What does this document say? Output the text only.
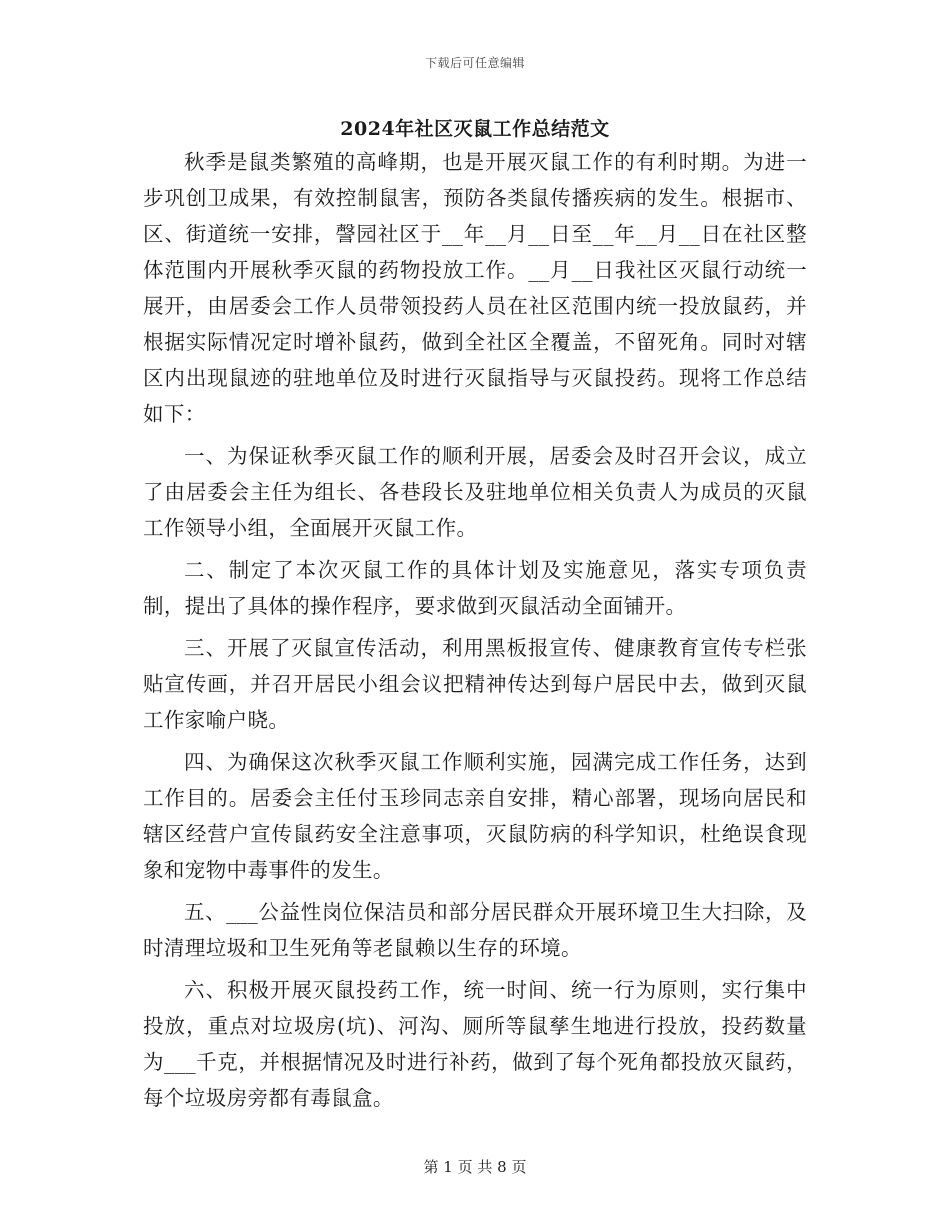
下载后可任意编辑
2024年社区灭鼠工作总结范文

秋季是鼠类繁殖的高峰期，也是开展灭鼠工作的有利时期。为进一步巩创卫成果，有效控制鼠害，预防各类鼠传播疾病的发生。根据市、区、街道统一安排，謦园社区于__年__月__日至__年__月__日在社区整体范围内开展秋季灭鼠的药物投放工作。__月__日我社区灭鼠行动统一展开，由居委会工作人员带领投药人员在社区范围内统一投放鼠药，并根据实际情况定时增补鼠药，做到全社区全覆盖，不留死角。同时对辖区内出现鼠迹的驻地单位及时进行灭鼠指导与灭鼠投药。现将工作总结如下：

一、为保证秋季灭鼠工作的顺利开展，居委会及时召开会议，成立了由居委会主任为组长、各巷段长及驻地单位相关负责人为成员的灭鼠工作领导小组，全面展开灭鼠工作。

二、制定了本次灭鼠工作的具体计划及实施意见，落实专项负责制，提出了具体的操作程序，要求做到灭鼠活动全面铺开。

三、开展了灭鼠宣传活动，利用黑板报宣传、健康教育宣传专栏张贴宣传画，并召开居民小组会议把精神传达到每户居民中去，做到灭鼠工作家喻户晓。

四、为确保这次秋季灭鼠工作顺利实施，园满完成工作任务，达到工作目的。居委会主任付玉珍同志亲自安排，精心部署，现场向居民和辖区经营户宣传鼠药安全注意事项，灭鼠防病的科学知识，杜绝误食现象和宠物中毒事件的发生。

五、___公益性岗位保洁员和部分居民群众开展环境卫生大扫除，及时清理垃圾和卫生死角等老鼠赖以生存的环境。

六、积极开展灭鼠投药工作，统一时间、统一行为原则，实行集中投放，重点对垃圾房(坑)、河沟、厕所等鼠孳生地进行投放，投药数量为___千克，并根据情况及时进行补药，做到了每个死角都投放灭鼠药，每个垃圾房旁都有毒鼠盒。

第 1 页 共 8 页
